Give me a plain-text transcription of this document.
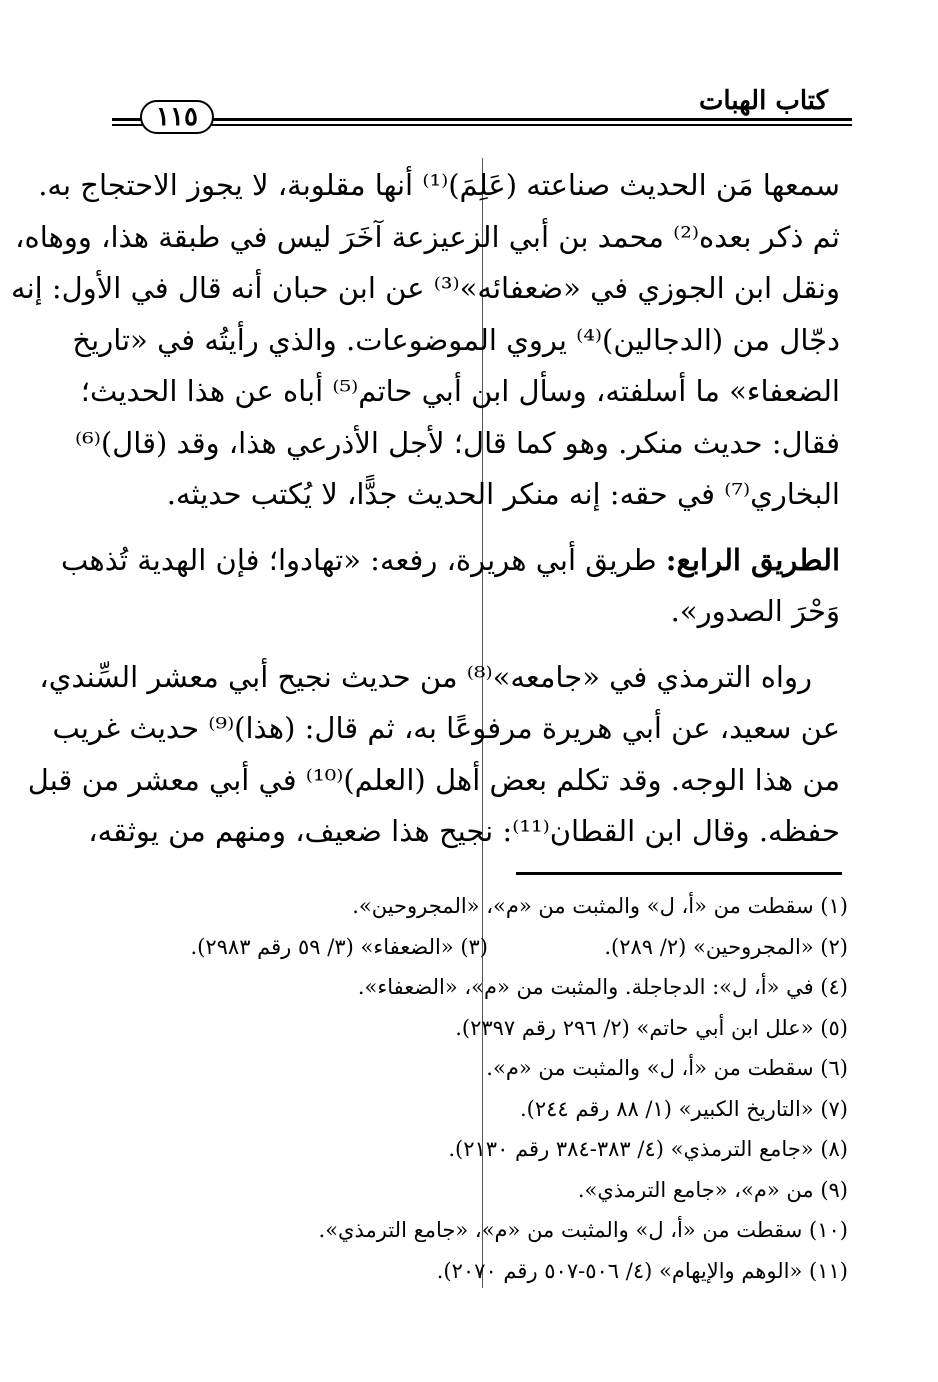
كتاب الهبات
١١٥
سمعها مَن الحديث صناعته (عَلِمَ)⁽¹⁾ أنها مقلوبة، لا يجوز الاحتجاج به.
ثم ذكر بعده⁽²⁾ محمد بن أبي الزعيزعة آخَرَ ليس في طبقة هذا، ووهاه،
ونقل ابن الجوزي في «ضعفائه»⁽³⁾ عن ابن حبان أنه قال في الأول: إنه
دجّال من (الدجالين)⁽⁴⁾ يروي الموضوعات. والذي رأيتُه في «تاريخ
الضعفاء» ما أسلفته، وسأل ابن أبي حاتم⁽⁵⁾ أباه عن هذا الحديث؛
فقال: حديث منكر. وهو كما قال؛ لأجل الأذرعي هذا، وقد (قال)⁽⁶⁾
البخاري⁽⁷⁾ في حقه: إنه منكر الحديث جدًّا، لا يُكتب حديثه.
الطريق الرابع: طريق أبي هريرة، رفعه: «تهادوا؛ فإن الهدية تُذهب
وَحْرَ الصدور».
رواه الترمذي في «جامعه»⁽⁸⁾ من حديث نجيح أبي معشر السِّندي،
عن سعيد، عن أبي هريرة مرفوعًا به، ثم قال: (هذا)⁽⁹⁾ حديث غريب
من هذا الوجه. وقد تكلم بعض أهل (العلم)⁽¹⁰⁾ في أبي معشر من قبل
حفظه. وقال ابن القطان⁽¹¹⁾: نجيح هذا ضعيف، ومنهم من يوثقه،
(١) سقطت من «أ، ل» والمثبت من «م»، «المجروحين».
(٢) «المجروحين» (٢/ ٢٨٩).
(٣) «الضعفاء» (٣/ ٥٩ رقم ٢٩٨٣).
(٤) في «أ، ل»: الدجاجلة. والمثبت من «م»، «الضعفاء».
(٥) «علل ابن أبي حاتم» (٢/ ٢٩٦ رقم ٢٣٩٧).
(٦) سقطت من «أ، ل» والمثبت من «م».
(٧) «التاريخ الكبير» (١/ ٨٨ رقم ٢٤٤).
(٨) «جامع الترمذي» (٤/ ٣٨٣-٣٨٤ رقم ٢١٣٠).
(٩) من «م»، «جامع الترمذي».
(١٠) سقطت من «أ، ل» والمثبت من «م»، «جامع الترمذي».
(١١) «الوهم والإيهام» (٤/ ٥٠٦-٥٠٧ رقم ٢٠٧٠).
